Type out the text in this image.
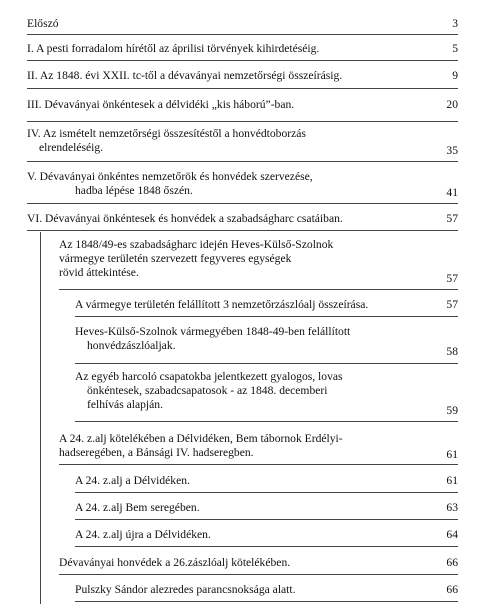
Előszó	3
I. A pesti forradalom hírétől az áprilisi törvények kihirdetéséig.	5
II. Az 1848. évi XXII. tc-től a dévaványai nemzetőrségi összeírásig.	9
III. Dévaványai önkéntesek a délvidéki „kis háború”-ban.	20
IV. Az ismételt nemzetőrségi összesítéstől a honvédtoborzás
elrendeléséig.	35
V. Dévaványai önkéntes nemzetőrök és honvédek szervezése,
hadba lépése 1848 őszén.	41
VI. Dévaványai önkéntesek és honvédek a szabadságharc csatáiban.	57
Az 1848/49-es szabadságharc idején Heves-Külső-Szolnok
vármegye területén szervezett fegyveres egységek
rövid áttekintése.	57
A vármegye területén felállított 3 nemzetőrzászlóalj összeírása.	57
Heves-Külső-Szolnok vármegyében 1848-49-ben felállított
honvédzászlóaljak.	58
Az egyéb harcoló csapatokba jelentkezett gyalogos, lovas
önkéntesek, szabadcsapatosok - az 1848. decemberi
felhívás alapján.	59
A 24. z.alj kötelékében a Délvidéken, Bem tábornok Erdélyi-
hadseregében, a Bánsági IV. hadseregben.	61
A 24. z.alj a Délvidéken.	61
A 24. z.alj Bem seregében.	63
A 24. z.alj újra a Délvidéken.	64
Dévaványai honvédek a 26.zászlóalj kötelékében.	66
Pulszky Sándor alezredes parancsnoksága alatt.	66
